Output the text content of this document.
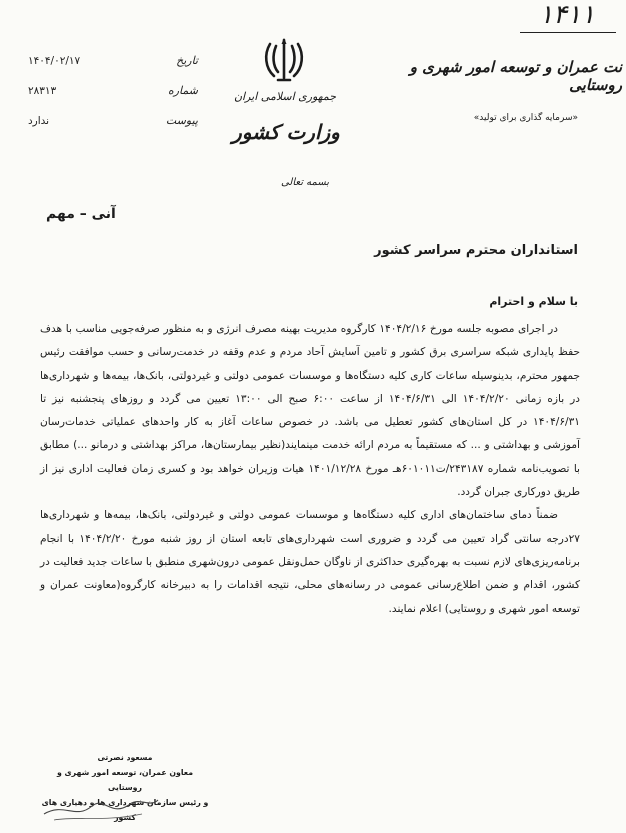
تاریخ
۱۴۰۴/۰۲/۱۷
شماره
۲۸۳۱۳
پیوست
ندارد
آنی – مهم
جمهوری اسلامی ایران
وزارت کشور
بسمه تعالی
۱۴۱۱
نت عمران و توسعه امور شهری و روستایی
«سرمایه گذاری برای تولید»
استانداران محترم سراسر کشور
با سلام و احترام

در اجرای مصوبه جلسه مورخ ۱۴۰۴/۲/۱۶ کارگروه مدیریت بهینه مصرف انرژی و به منظور صرفه‌جویی مناسب با هدف حفظ پایداری شبکه سراسری برق کشور و تامین آسایش آحاد مردم و عدم وقفه در خدمت‌رسانی و حسب موافقت رئیس جمهور محترم، بدینوسیله ساعات کاری کلیه دستگاه‌ها و موسسات عمومی دولتی و غیردولتی، بانک‌ها، بیمه‌ها و شهرداری‌ها در بازه زمانی ۱۴۰۴/۲/۲۰ الی ۱۴۰۴/۶/۳۱ از ساعت ۶:۰۰ صبح الی ۱۳:۰۰ تعیین می گردد و روزهای پنجشنبه نیز تا ۱۴۰۴/۶/۳۱ در کل استان‌های کشور تعطیل می باشد. در خصوص ساعات آغاز به کار واحدهای عملیاتی خدمات‌رسان آموزشی و بهداشتی و ... که مستقیماً به مردم ارائه خدمت مینمایند(نظیر بیمارستان‌ها، مراکز بهداشتی و درمانو ...) مطابق با تصویب‌نامه شماره ۲۴۳۱۸۷/ت۶۰۱۰۱۱هـ مورخ ۱۴۰۱/۱۲/۲۸ هیات وزیران خواهد بود و کسری زمان فعالیت اداری نیز از طریق دورکاری جبران گردد.

ضمناً دمای ساختمان‌های اداری کلیه دستگاه‌ها و موسسات عمومی دولتی و غیردولتی، بانک‌ها، بیمه‌ها و شهرداری‌ها ۲۷درجه سانتی گراد تعیین می گردد و ضروری است شهرداری‌های تابعه استان از روز شنبه مورخ ۱۴۰۴/۲/۲۰ با انجام برنامه‌ریزی‌های لازم نسبت به بهره‌گیری حداکثری از ناوگان حمل‌ونقل عمومی درون‌شهری منطبق با ساعات جدید فعالیت در کشور، اقدام و ضمن اطلاع‌رسانی عمومی در رسانه‌های محلی، نتیجه اقدامات را به دبیرخانه کارگروه(معاونت عمران و توسعه امور شهری و روستایی) اعلام نمایند.

مسعود نصرتی
معاون عمران، توسعه امور شهری و روستایی
و رئیس سازمان شهرداری ها و دهیاری های کشور
